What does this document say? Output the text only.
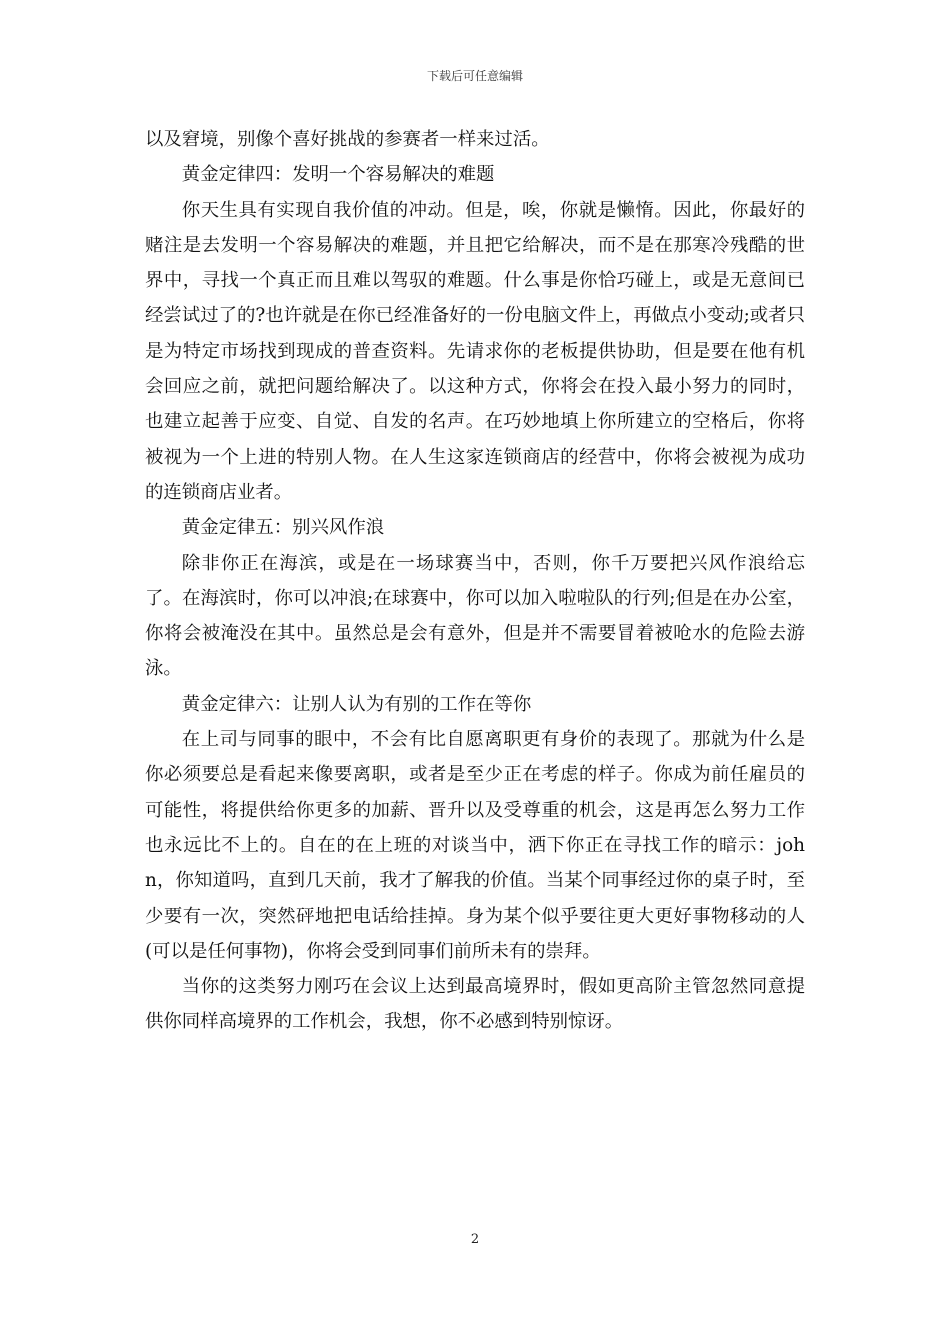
下载后可任意编辑

以及窘境，别像个喜好挑战的参赛者一样来过活。

黄金定律四：发明一个容易解决的难题

你天生具有实现自我价值的冲动。但是，唉，你就是懒惰。因此，你最好的赌注是去发明一个容易解决的难题，并且把它给解决，而不是在那寒冷残酷的世界中，寻找一个真正而且难以驾驭的难题。什么事是你恰巧碰上，或是无意间已经尝试过了的?也许就是在你已经准备好的一份电脑文件上，再做点小变动;或者只是为特定市场找到现成的普查资料。先请求你的老板提供协助，但是要在他有机会回应之前，就把问题给解决了。以这种方式，你将会在投入最小努力的同时，也建立起善于应变、自觉、自发的名声。在巧妙地填上你所建立的空格后，你将被视为一个上进的特别人物。在人生这家连锁商店的经营中，你将会被视为成功的连锁商店业者。

黄金定律五：别兴风作浪

除非你正在海滨，或是在一场球赛当中，否则，你千万要把兴风作浪给忘了。在海滨时，你可以冲浪;在球赛中，你可以加入啦啦队的行列;但是在办公室，你将会被淹没在其中。虽然总是会有意外，但是并不需要冒着被呛水的危险去游泳。

黄金定律六：让别人认为有别的工作在等你

在上司与同事的眼中，不会有比自愿离职更有身价的表现了。那就为什么是你必须要总是看起来像要离职，或者是至少正在考虑的样子。你成为前任雇员的可能性，将提供给你更多的加薪、晋升以及受尊重的机会，这是再怎么努力工作也永远比不上的。自在的在上班的对谈当中，洒下你正在寻找工作的暗示：john，你知道吗，直到几天前，我才了解我的价值。当某个同事经过你的桌子时，至少要有一次，突然砰地把电话给挂掉。身为某个似乎要往更大更好事物移动的人(可以是任何事物)，你将会受到同事们前所未有的崇拜。

当你的这类努力刚巧在会议上达到最高境界时，假如更高阶主管忽然同意提供你同样高境界的工作机会，我想，你不必感到特别惊讶。

2
